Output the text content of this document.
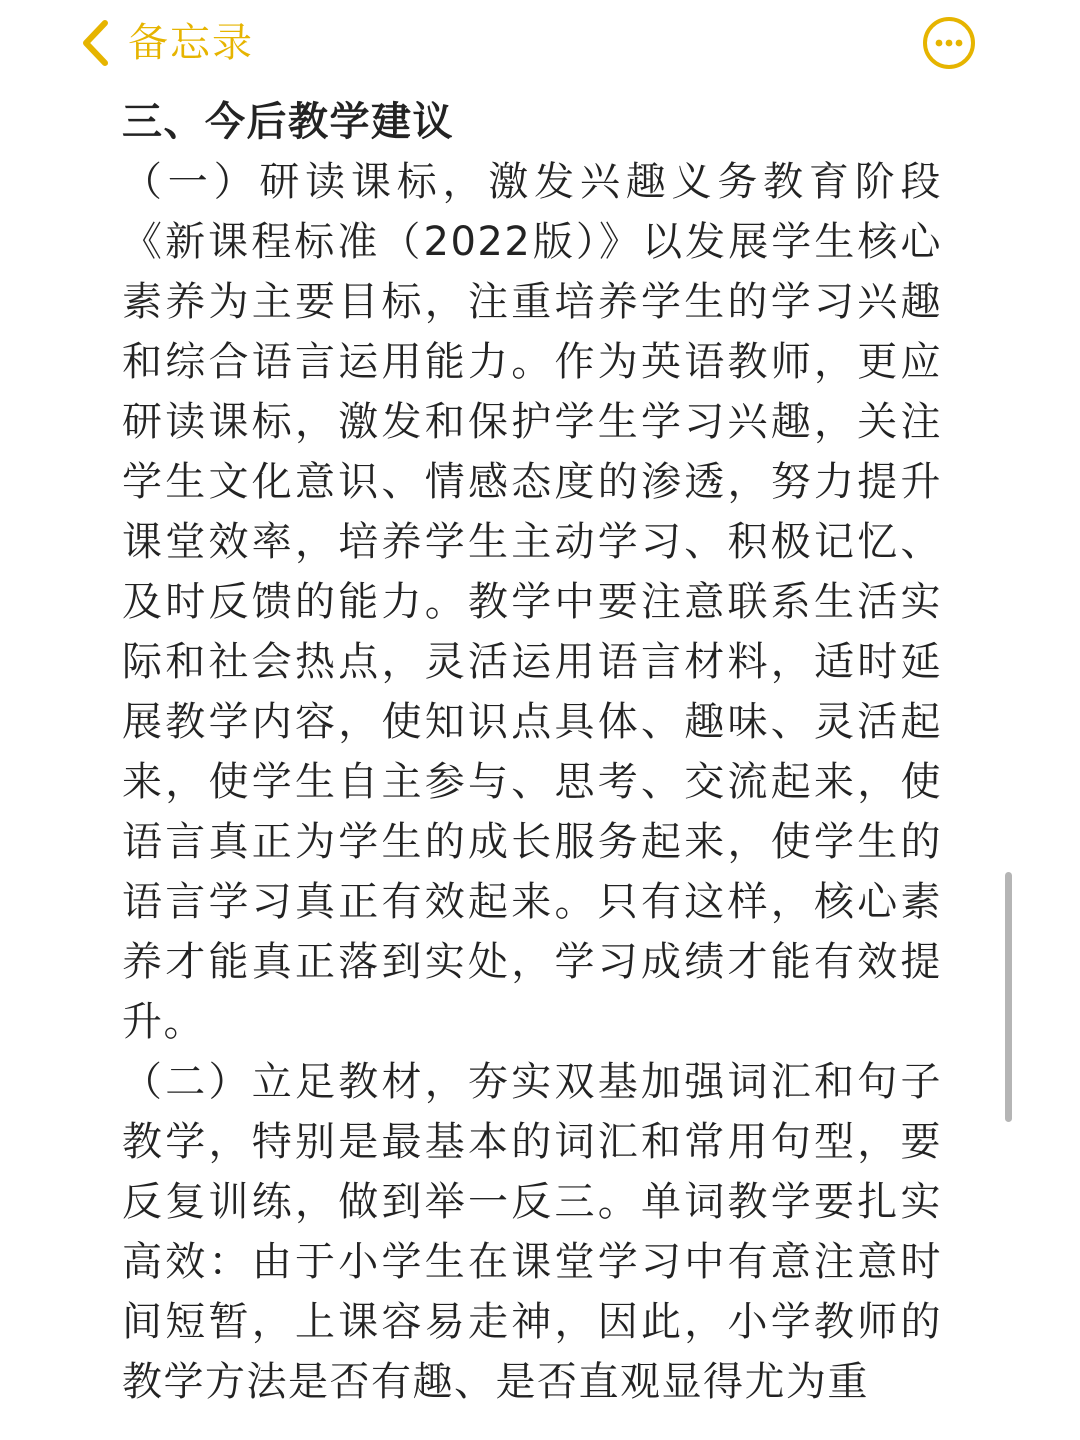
备忘录
三、今后教学建议

（一）研读课标，激发兴趣义务教育阶段《新课程标准（2022版）》以发展学生核心素养为主要目标，注重培养学生的学习兴趣和综合语言运用能力。作为英语教师，更应研读课标，激发和保护学生学习兴趣，关注学生文化意识、情感态度的渗透，努力提升课堂效率，培养学生主动学习、积极记忆、及时反馈的能力。教学中要注意联系生活实际和社会热点，灵活运用语言材料，适时延展教学内容，使知识点具体、趣味、灵活起来，使学生自主参与、思考、交流起来，使语言真正为学生的成长服务起来，使学生的语言学习真正有效起来。只有这样，核心素养才能真正落到实处，学习成绩才能有效提升。

（二）立足教材，夯实双基加强词汇和句子教学，特别是最基本的词汇和常用句型，要反复训练，做到举一反三。单词教学要扎实高效：由于小学生在课堂学习中有意注意时间短暂，上课容易走神，因此，小学教师的教学方法是否有趣、是否直观显得尤为重
